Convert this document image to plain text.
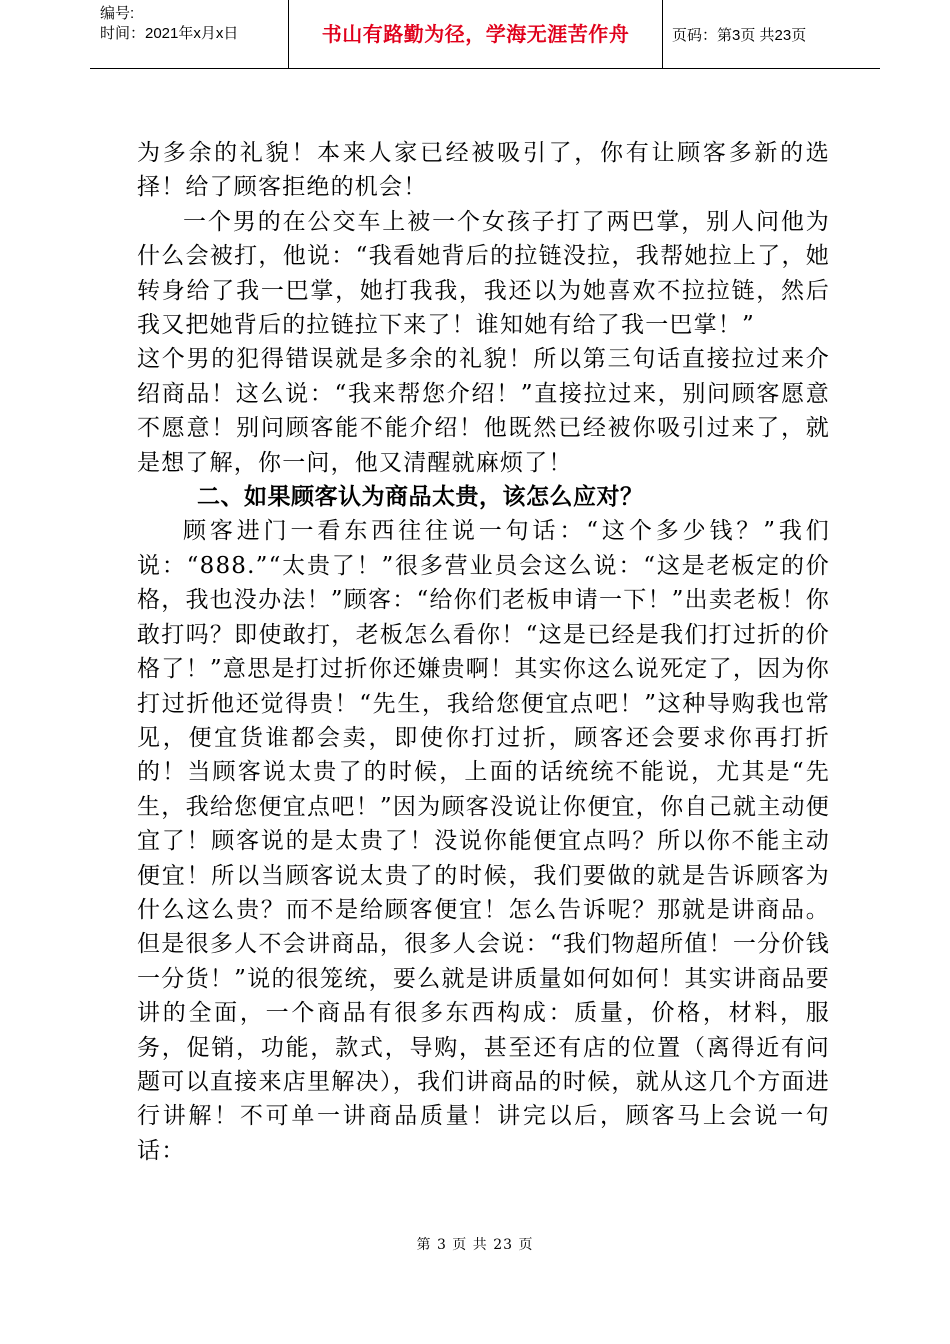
编号:
时间：2021年x月x日	书山有路勤为径，学海无涯苦作舟	页码：第3页 共23页

为多余的礼貌！本来人家已经被吸引了，你有让顾客多新的选择！给了顾客拒绝的机会！

一个男的在公交车上被一个女孩子打了两巴掌，别人问他为什么会被打，他说：“我看她背后的拉链没拉，我帮她拉上了，她转身给了我一巴掌，她打我我，我还以为她喜欢不拉拉链，然后我又把她背后的拉链拉下来了！谁知她有给了我一巴掌！”

这个男的犯得错误就是多余的礼貌！所以第三句话直接拉过来介绍商品！这么说：“我来帮您介绍！”直接拉过来，别问顾客愿意不愿意！别问顾客能不能介绍！他既然已经被你吸引过来了，就是想了解，你一问，他又清醒就麻烦了！

二、如果顾客认为商品太贵，该怎么应对？

顾客进门一看东西往往说一句话：“这个多少钱？”我们说：“888.”“太贵了！”很多营业员会这么说：“这是老板定的价格，我也没办法！”顾客：“给你们老板申请一下！”出卖老板！你敢打吗？即使敢打，老板怎么看你！“这是已经是我们打过折的价格了！”意思是打过折你还嫌贵啊！其实你这么说死定了，因为你打过折他还觉得贵！“先生，我给您便宜点吧！”这种导购我也常见，便宜货谁都会卖，即使你打过折，顾客还会要求你再打折的！当顾客说太贵了的时候，上面的话统统不能说，尤其是“先生，我给您便宜点吧！”因为顾客没说让你便宜，你自己就主动便宜了！顾客说的是太贵了！没说你能便宜点吗？所以你不能主动便宜！所以当顾客说太贵了的时候，我们要做的就是告诉顾客为什么这么贵？而不是给顾客便宜！怎么告诉呢？那就是讲商品。但是很多人不会讲商品，很多人会说：“我们物超所值！一分价钱一分货！”说的很笼统，要么就是讲质量如何如何！其实讲商品要讲的全面，一个商品有很多东西构成：质量，价格，材料，服务，促销，功能，款式，导购，甚至还有店的位置（离得近有问题可以直接来店里解决），我们讲商品的时候，就从这几个方面进行讲解！不可单一讲商品质量！讲完以后，顾客马上会说一句话：

第 3 页 共 23 页
